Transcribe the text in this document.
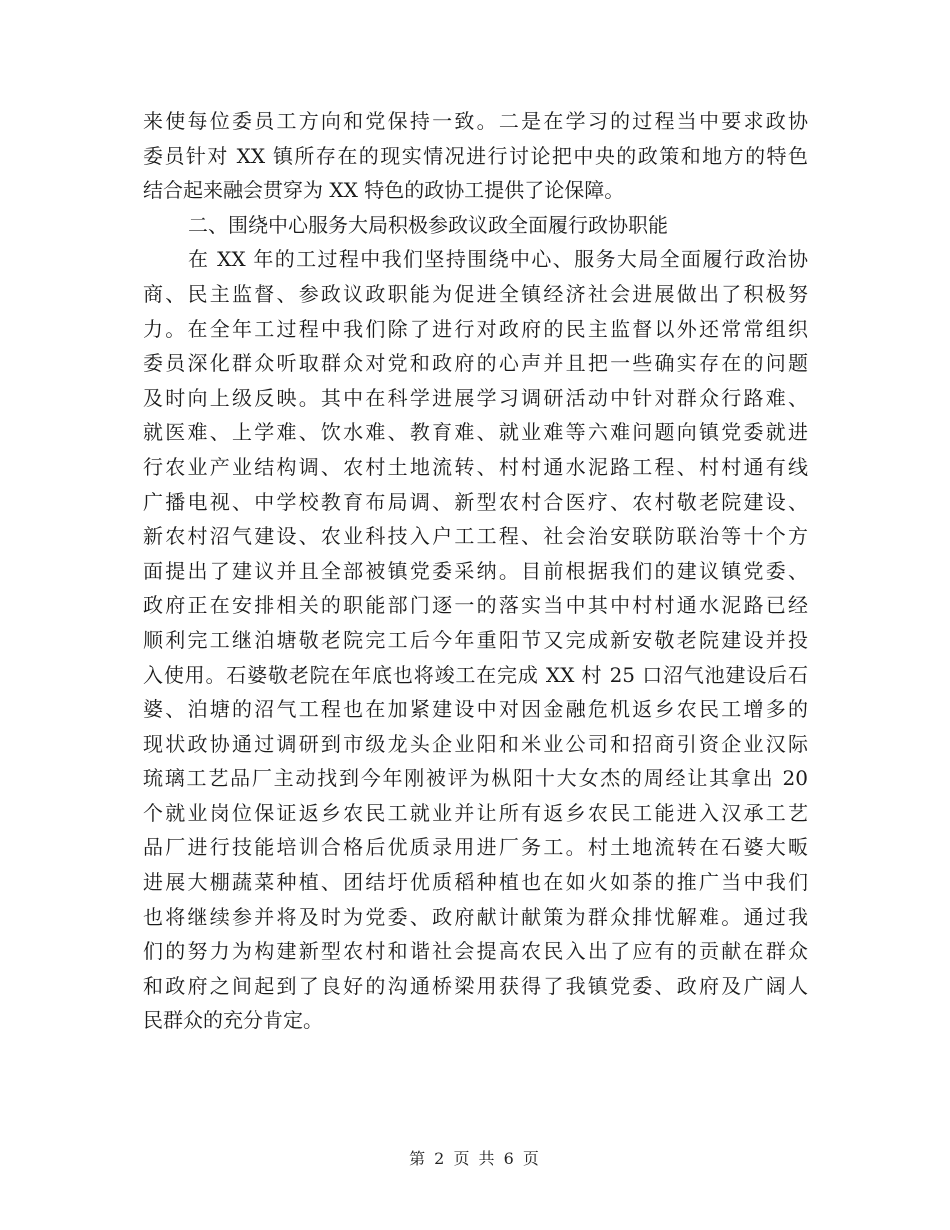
来使每位委员工方向和党保持一致。二是在学习的过程当中要求政协
委员针对 XX 镇所存在的现实情况进行讨论把中央的政策和地方的特色
结合起来融会贯穿为 XX 特色的政协工提供了论保障。
二、围绕中心服务大局积极参政议政全面履行政协职能
在 XX 年的工过程中我们坚持围绕中心、服务大局全面履行政治协
商、民主监督、参政议政职能为促进全镇经济社会进展做出了积极努
力。在全年工过程中我们除了进行对政府的民主监督以外还常常组织
委员深化群众听取群众对党和政府的心声并且把一些确实存在的问题
及时向上级反映。其中在科学进展学习调研活动中针对群众行路难、
就医难、上学难、饮水难、教育难、就业难等六难问题向镇党委就进
行农业产业结构调、农村土地流转、村村通水泥路工程、村村通有线
广播电视、中学校教育布局调、新型农村合医疗、农村敬老院建设、
新农村沼气建设、农业科技入户工工程、社会治安联防联治等十个方
面提出了建议并且全部被镇党委采纳。目前根据我们的建议镇党委、
政府正在安排相关的职能部门逐一的落实当中其中村村通水泥路已经
顺利完工继泊塘敬老院完工后今年重阳节又完成新安敬老院建设并投
入使用。石婆敬老院在年底也将竣工在完成 XX 村 25 口沼气池建设后石
婆、泊塘的沼气工程也在加紧建设中对因金融危机返乡农民工增多的
现状政协通过调研到市级龙头企业阳和米业公司和招商引资企业汉际
琉璃工艺品厂主动找到今年刚被评为枞阳十大女杰的周经让其拿出 20
个就业岗位保证返乡农民工就业并让所有返乡农民工能进入汉承工艺
品厂进行技能培训合格后优质录用进厂务工。村土地流转在石婆大畈
进展大棚蔬菜种植、团结圩优质稻种植也在如火如荼的推广当中我们
也将继续参并将及时为党委、政府献计献策为群众排忧解难。通过我
们的努力为构建新型农村和谐社会提高农民入出了应有的贡献在群众
和政府之间起到了良好的沟通桥梁用获得了我镇党委、政府及广阔人
民群众的充分肯定。
第 2 页 共 6 页
